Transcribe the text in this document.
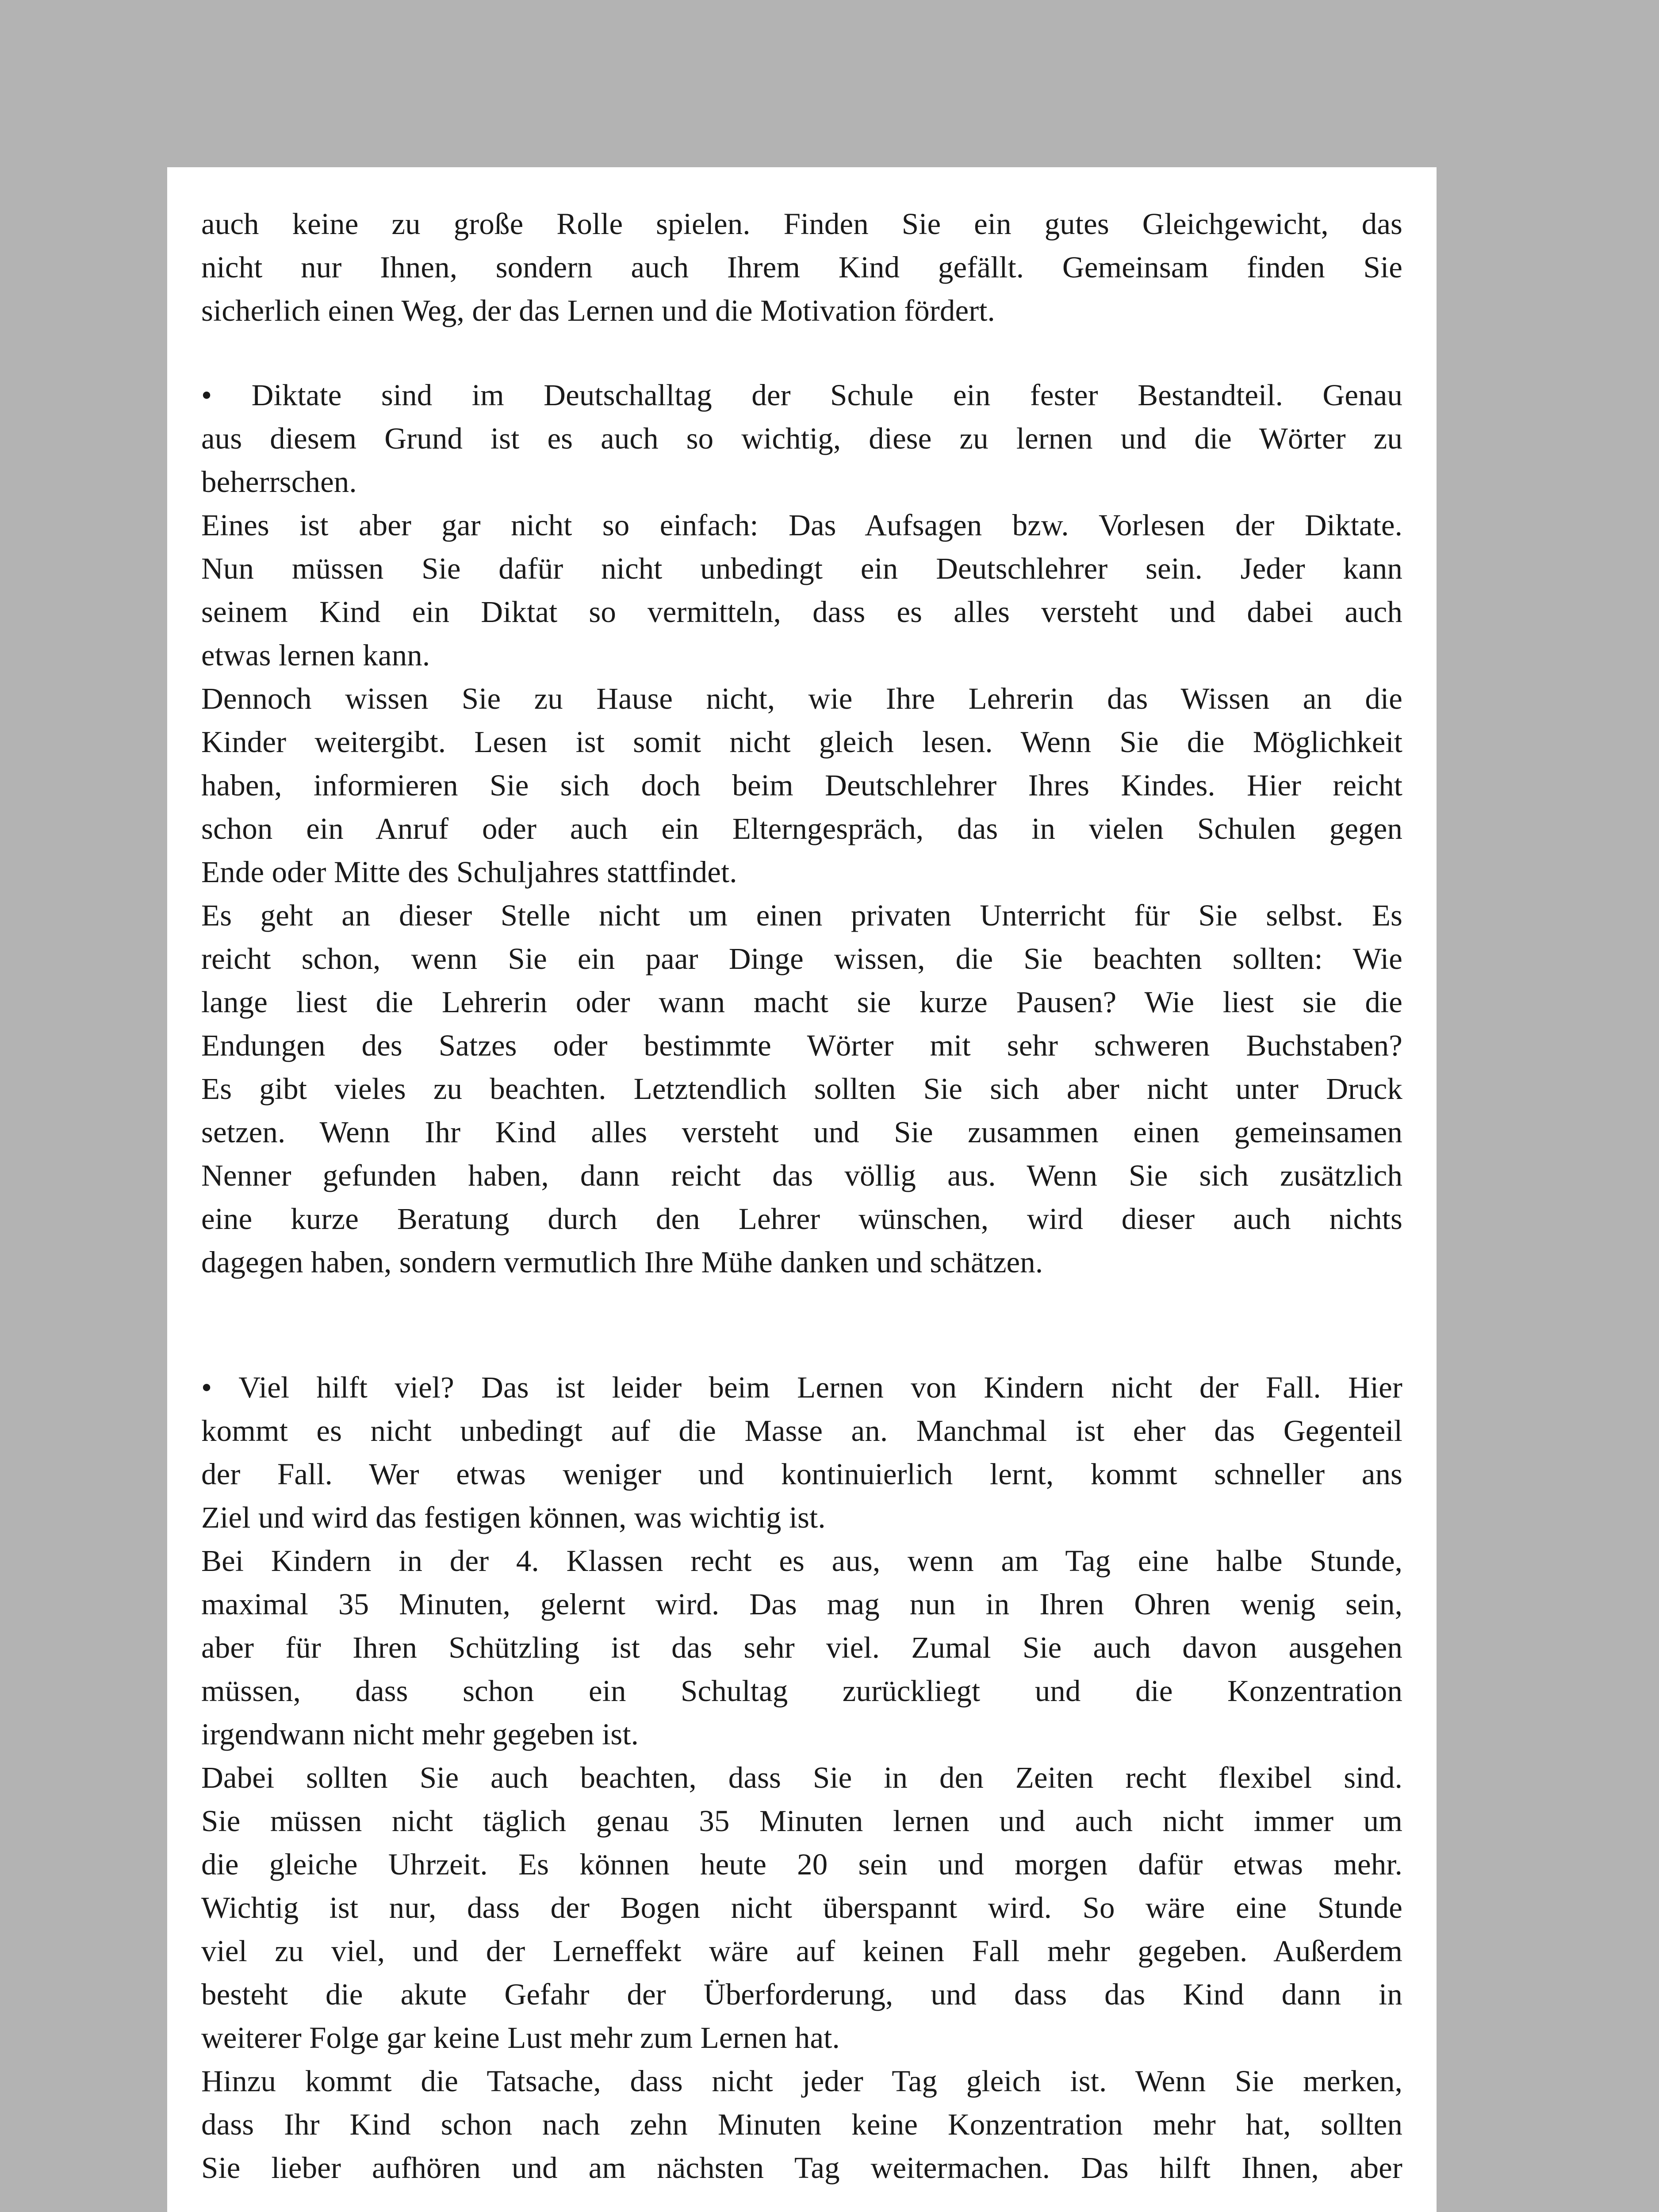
auch keine zu große Rolle spielen. Finden Sie ein gutes Gleichgewicht, das
nicht nur Ihnen, sondern auch Ihrem Kind gefällt. Gemeinsam finden Sie
sicherlich einen Weg, der das Lernen und die Motivation fördert.
• Diktate sind im Deutschalltag der Schule ein fester Bestandteil. Genau
aus diesem Grund ist es auch so wichtig, diese zu lernen und die Wörter zu
beherrschen.
Eines ist aber gar nicht so einfach: Das Aufsagen bzw. Vorlesen der Diktate.
Nun müssen Sie dafür nicht unbedingt ein Deutschlehrer sein. Jeder kann
seinem Kind ein Diktat so vermitteln, dass es alles versteht und dabei auch
etwas lernen kann.
Dennoch wissen Sie zu Hause nicht, wie Ihre Lehrerin das Wissen an die
Kinder weitergibt. Lesen ist somit nicht gleich lesen. Wenn Sie die Möglichkeit
haben, informieren Sie sich doch beim Deutschlehrer Ihres Kindes. Hier reicht
schon ein Anruf oder auch ein Elterngespräch, das in vielen Schulen gegen
Ende oder Mitte des Schuljahres stattfindet.
Es geht an dieser Stelle nicht um einen privaten Unterricht für Sie selbst. Es
reicht schon, wenn Sie ein paar Dinge wissen, die Sie beachten sollten: Wie
lange liest die Lehrerin oder wann macht sie kurze Pausen? Wie liest sie die
Endungen des Satzes oder bestimmte Wörter mit sehr schweren Buchstaben?
Es gibt vieles zu beachten. Letztendlich sollten Sie sich aber nicht unter Druck
setzen. Wenn Ihr Kind alles versteht und Sie zusammen einen gemeinsamen
Nenner gefunden haben, dann reicht das völlig aus. Wenn Sie sich zusätzlich
eine kurze Beratung durch den Lehrer wünschen, wird dieser auch nichts
dagegen haben, sondern vermutlich Ihre Mühe danken und schätzen.
• Viel hilft viel? Das ist leider beim Lernen von Kindern nicht der Fall. Hier
kommt es nicht unbedingt auf die Masse an. Manchmal ist eher das Gegenteil
der Fall. Wer etwas weniger und kontinuierlich lernt, kommt schneller ans
Ziel und wird das festigen können, was wichtig ist.
Bei Kindern in der 4. Klassen recht es aus, wenn am Tag eine halbe Stunde,
maximal 35 Minuten, gelernt wird. Das mag nun in Ihren Ohren wenig sein,
aber für Ihren Schützling ist das sehr viel. Zumal Sie auch davon ausgehen
müssen, dass schon ein Schultag zurückliegt und die Konzentration
irgendwann nicht mehr gegeben ist.
Dabei sollten Sie auch beachten, dass Sie in den Zeiten recht flexibel sind.
Sie müssen nicht täglich genau 35 Minuten lernen und auch nicht immer um
die gleiche Uhrzeit. Es können heute 20 sein und morgen dafür etwas mehr.
Wichtig ist nur, dass der Bogen nicht überspannt wird. So wäre eine Stunde
viel zu viel, und der Lerneffekt wäre auf keinen Fall mehr gegeben. Außerdem
besteht die akute Gefahr der Überforderung, und dass das Kind dann in
weiterer Folge gar keine Lust mehr zum Lernen hat.
Hinzu kommt die Tatsache, dass nicht jeder Tag gleich ist. Wenn Sie merken,
dass Ihr Kind schon nach zehn Minuten keine Konzentration mehr hat, sollten
Sie lieber aufhören und am nächsten Tag weitermachen. Das hilft Ihnen, aber
